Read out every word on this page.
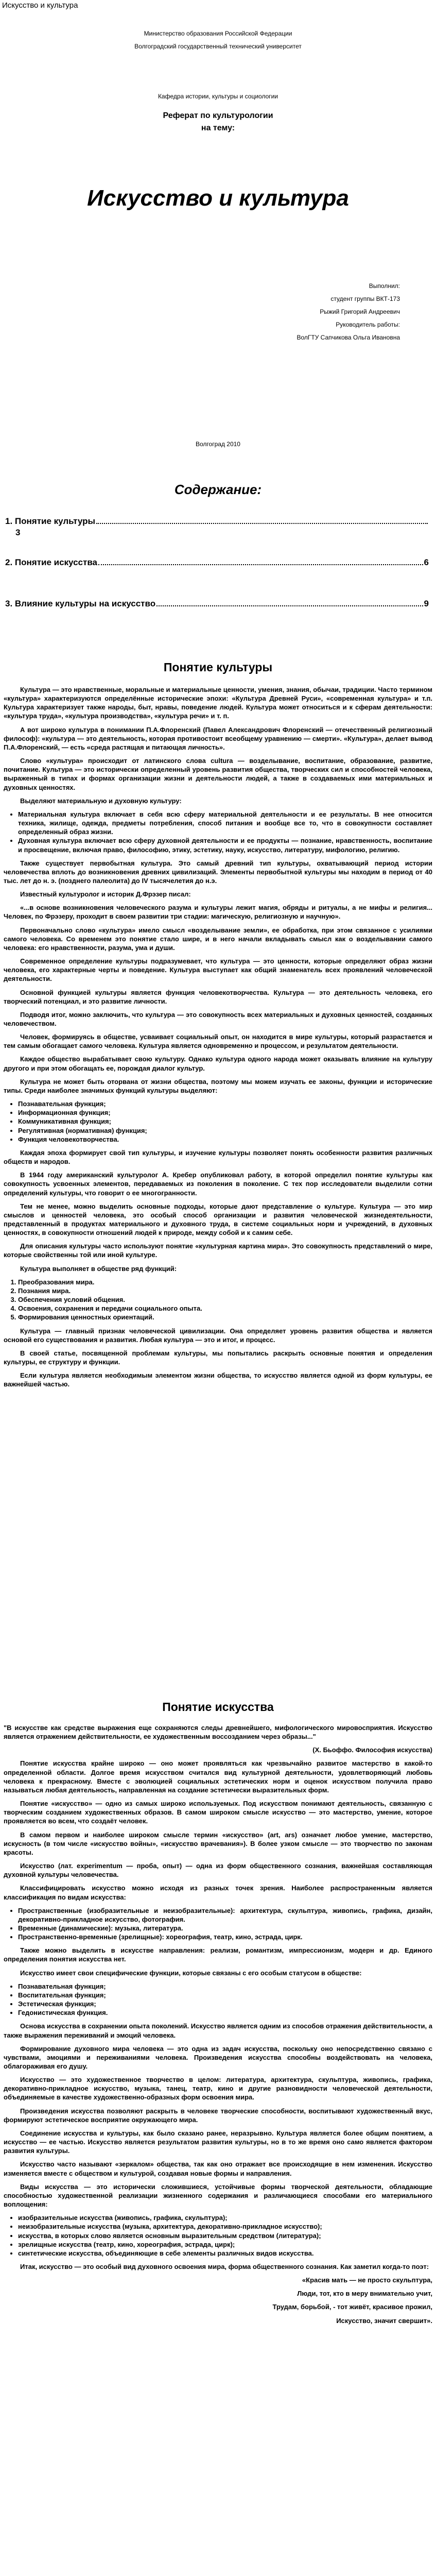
Искусство и культура
Министерство образования Российской Федерации
Волгоградский государственный технический университет
Кафедра истории, культуры и социологии
Реферат по культурологии
на тему:
Искусство и культура
Выполнил:
студент группы ВКТ-173
Рыжий Григорий Андреевич
Руководитель работы:
ВолГТУ Сапчикова Ольга Ивановна
Волгоград 2010
Содержание:
1. Понятие культуры
3
2. Понятие искусства	6
3. Влияние культуры на искусство	9
Понятие культуры

Культура — это нравственные, моральные и материальные ценности, умения, знания, обычаи, традиции. Часто термином «культура» характеризуются определённые исторические эпохи: «Культура Древней Руси», «современная культура» и т.п. Культура характеризует также народы, быт, нравы, поведение людей. Культура может относиться и к сферам деятельности: «культура труда», «культура производства», «культура речи» и т. п.

А вот широко культура в понимании П.А.Флоренский (Павел Александрович Флоренский — отечественный религиозный философ): «культура — это деятельность, которая противостоит всеобщему уравнению — смерти». «Культура», делает вывод П.А.Флоренский, — есть «среда растящая и питающая личность».

Слово «культура» происходит от латинского слова cultura — возделывание, воспитание, образование, развитие, почитание. Культура — это исторически определенный уровень развития общества, творческих сил и способностей человека, выраженный в типах и формах организации жизни и деятельности людей, а также в создаваемых ими материальных и духовных ценностях.

Выделяют материальную и духовную культуру:

• Материальная культура включает в себя всю сферу материальной деятельности и ее результаты. В нее относится техника, жилище, одежда, предметы потребления, способ питания и вообще все то, что в совокупности составляет определенный образ жизни.
• Духовная культура включает всю сферу духовной деятельности и ее продукты — познание, нравственность, воспитание и просвещение, включая право, философию, этику, эстетику, науку, искусство, литературу, мифологию, религию.

Также существует первобытная культура. Это самый древний тип культуры, охватывающий период истории человечества вплоть до возникновения древних цивилизаций. Элементы первобытной культуры мы находим в период от 40 тыс. лет до н. э. (позднего палеолита) до IV тысячелетия до н.э.

Известный культуролог и историк Д.Фрэзер писал:

«...в основе возникновения человеческого разума и культуры лежит магия, обряды и ритуалы, а не мифы и религия... Человек, по Фрэзеру, проходит в своем развитии три стадии: магическую, религиозную и научную».

Первоначально слово «культура» имело смысл «возделывание земли», ее обработка, при этом связанное с усилиями самого человека. Со временем это понятие стало шире, и в него начали вкладывать смысл как о возделывании самого человека: его нравственности, разума, ума и души.

Современное определение культуры подразумевает, что культура — это ценности, которые определяют образ жизни человека, его характерные черты и поведение. Культура выступает как общий знаменатель всех проявлений человеческой деятельности.

Основной функцией культуры является функция человекотворчества. Культура — это деятельность человека, его творческий потенциал, и это развитие личности.

Подводя итог, можно заключить, что культура — это совокупность всех материальных и духовных ценностей, созданных человечеством.

Человек, формируясь в обществе, усваивает социальный опыт, он находится в мире культуры, который разрастается и тем самым обогащает самого человека. Культура является одновременно и процессом, и результатом деятельности.

Каждое общество вырабатывает свою культуру. Однако культура одного народа может оказывать влияние на культуру другого и при этом обогащать ее, порождая диалог культур.

Культура не может быть оторвана от жизни общества, поэтому мы можем изучать ее законы, функции и исторические типы. Среди наиболее значимых функций культуры выделяют:

• Познавательная функция;
• Информационная функция;
• Коммуникативная функция;
• Регулятивная (нормативная) функция;
• Функция человекотворчества.

Каждая эпоха формирует свой тип культуры, и изучение культуры позволяет понять особенности развития различных обществ и народов.

В 1944 году американский культуролог А. Кребер опубликовал работу, в которой определил понятие культуры как совокупность усвоенных элементов, передаваемых из поколения в поколение. С тех пор исследователи выделили сотни определений культуры, что говорит о ее многогранности.

Тем не менее, можно выделить основные подходы, которые дают представление о культуре. Культура — это мир смыслов и ценностей человека, это особый способ организации и развития человеческой жизнедеятельности, представленный в продуктах материального и духовного труда, в системе социальных норм и учреждений, в духовных ценностях, в совокупности отношений людей к природе, между собой и к самим себе.

Для описания культуры часто используют понятие «культурная картина мира». Это совокупность представлений о мире, которые свойственны той или иной культуре.

Культура выполняет в обществе ряд функций:

1. Преобразования мира.
2. Познания мира.
3. Обеспечения условий общения.
4. Освоения, сохранения и передачи социального опыта.
5. Формирования ценностных ориентаций.

Культура — главный признак человеческой цивилизации. Она определяет уровень развития общества и является основой его существования и развития. Любая культура — это и итог, и процесс.

В своей статье, посвященной проблемам культуры, мы попытались раскрыть основные понятия и определения культуры, ее структуру и функции.

Если культура является необходимым элементом жизни общества, то искусство является одной из форм культуры, ее важнейшей частью.

Понятие искусства

"В искусстве как средстве выражения еще сохраняются следы древнейшего, мифологического мировосприятия. Искусство является отражением действительности, ее художественным воссозданием через образы..."

(Х. Бьоффо. Философия искусства)

Понятие искусства крайне широко — оно может проявляться как чрезвычайно развитое мастерство в какой-то определенной области. Долгое время искусством считался вид культурной деятельности, удовлетворяющий любовь человека к прекрасному. Вместе с эволюцией социальных эстетических норм и оценок искусством получила право называться любая деятельность, направленная на создание эстетически выразительных форм.

Понятие «искусство» — одно из самых широко используемых. Под искусством понимают деятельность, связанную с творческим созданием художественных образов. В самом широком смысле искусство — это мастерство, умение, которое проявляется во всем, что создаёт человек.

В самом первом и наиболее широком смысле термин «искусство» (art, ars) означает любое умение, мастерство, искусность (в том числе «искусство войны», «искусство врачевания»). В более узком смысле — это творчество по законам красоты.

Искусство (лат. experimentum — проба, опыт) — одна из форм общественного сознания, важнейшая составляющая духовной культуры человечества.

Классифицировать искусство можно исходя из разных точек зрения. Наиболее распространенным является классификация по видам искусства:

• Пространственные (изобразительные и неизобразительные): архитектура, скульптура, живопись, графика, дизайн, декоративно-прикладное искусство, фотография.
• Временные (динамические): музыка, литература.
• Пространственно-временные (зрелищные): хореография, театр, кино, эстрада, цирк.

Также можно выделить в искусстве направления: реализм, романтизм, импрессионизм, модерн и др. Единого определения понятия искусства нет.

Искусство имеет свои специфические функции, которые связаны с его особым статусом в обществе:

• Познавательная функция;
• Воспитательная функция;
• Эстетическая функция;
• Гедонистическая функция.

Основа искусства в сохранении опыта поколений. Искусство является одним из способов отражения действительности, а также выражения переживаний и эмоций человека.

Формирование духовного мира человека — это одна из задач искусства, поскольку оно непосредственно связано с чувствами, эмоциями и переживаниями человека. Произведения искусства способны воздействовать на человека, облагораживая его душу.

Искусство — это художественное творчество в целом: литература, архитектура, скульптура, живопись, графика, декоративно-прикладное искусство, музыка, танец, театр, кино и другие разновидности человеческой деятельности, объединяемые в качестве художественно-образных форм освоения мира.

Произведения искусства позволяют раскрыть в человеке творческие способности, воспитывают художественный вкус, формируют эстетическое восприятие окружающего мира.

Соединение искусства и культуры, как было сказано ранее, неразрывно. Культура является более общим понятием, а искусство — ее частью. Искусство является результатом развития культуры, но в то же время оно само является фактором развития культуры.

Искусство часто называют «зеркалом» общества, так как оно отражает все происходящие в нем изменения. Искусство изменяется вместе с обществом и культурой, создавая новые формы и направления.

Виды искусства — это исторически сложившиеся, устойчивые формы творческой деятельности, обладающие способностью художественной реализации жизненного содержания и различающиеся способами его материального воплощения:

• изобразительные искусства (живопись, графика, скульптура);
• неизобразительные искусства (музыка, архитектура, декоративно-прикладное искусство);
• искусства, в которых слово является основным выразительным средством (литература);
• зрелищные искусства (театр, кино, хореография, эстрада, цирк);
• синтетические искусства, объединяющие в себе элементы различных видов искусства.

Итак, искусство — это особый вид духовного освоения мира, форма общественного сознания. Как заметил когда-то поэт:

«Красив мать — не просто скульптура,

Люди, тот, кто в меру внимательно учит,

Трудам, борьбой, - тот живёт, красивое прожил,

Искусство, значит свершит».
